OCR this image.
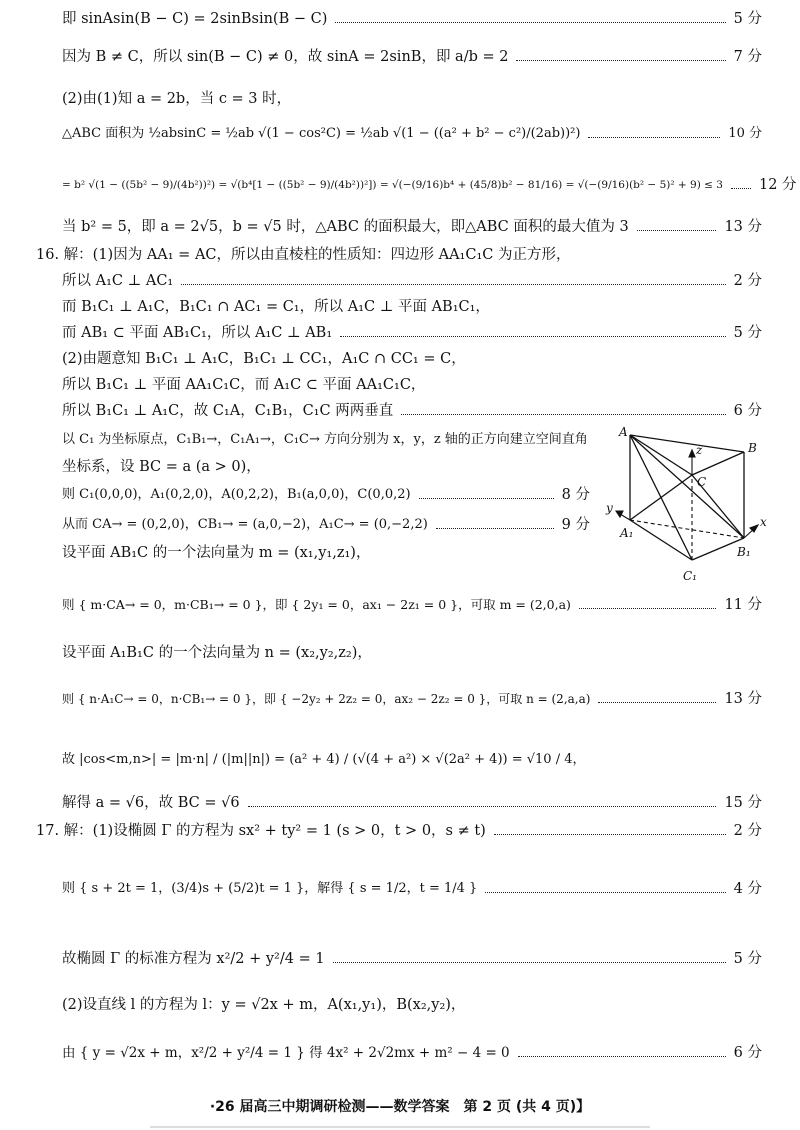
即 sinAsin(B − C) = 2sinBsin(B − C)	5 分
因为 B ≠ C，所以 sin(B − C) ≠ 0，故 sinA = 2sinB，即 a/b = 2	7 分
(2)由(1)知 a = 2b，当 c = 3 时，
△ABC 面积为 ½absinC = ½ab √(1 − cos²C) = ½ab √(1 − ((a² + b² − c²)/(2ab))²)	10 分
= b² √(1 − ((5b² − 9)/(4b²))²) = √(b⁴[1 − ((5b² − 9)/(4b²))²]) = √(−(9/16)b⁴ + (45/8)b² − 81/16) = √(−(9/16)(b² − 5)² + 9) ≤ 3 12 分
当 b² = 5，即 a = 2√5，b = √5 时，△ABC 的面积最大，即△ABC 面积的最大值为 3	13 分
16. 解：(1)因为 AA₁ = AC，所以由直棱柱的性质知：四边形 AA₁C₁C 为正方形，
所以 A₁C ⊥ AC₁	2 分
而 B₁C₁ ⊥ A₁C，B₁C₁ ∩ AC₁ = C₁，所以 A₁C ⊥ 平面 AB₁C₁，
而 AB₁ ⊂ 平面 AB₁C₁，所以 A₁C ⊥ AB₁	5 分
(2)由题意知 B₁C₁ ⊥ A₁C，B₁C₁ ⊥ CC₁，A₁C ∩ CC₁ = C，
所以 B₁C₁ ⊥ 平面 AA₁C₁C，而 A₁C ⊂ 平面 AA₁C₁C，
所以 B₁C₁ ⊥ A₁C，故 C₁A，C₁B₁，C₁C 两两垂直	6 分
以 C₁ 为坐标原点，C₁B₁→，C₁A₁→，C₁C→ 方向分别为 x，y，z 轴的正方向建立空间直角
坐标系，设 BC = a (a > 0)，
则 C₁(0,0,0)，A₁(0,2,0)，A(0,2,2)，B₁(a,0,0)，C(0,0,2)	8 分
从而 CA→ = (0,2,0)，CB₁→ = (a,0,−2)，A₁C→ = (0,−2,2)	9 分
设平面 AB₁C 的一个法向量为 m = (x₁,y₁,z₁)，
则 { m·CA→ = 0，m·CB₁→ = 0 }，即 { 2y₁ = 0，ax₁ − 2z₁ = 0 }，可取 m = (2,0,a)	11 分
设平面 A₁B₁C 的一个法向量为 n = (x₂,y₂,z₂)，
则 { n·A₁C→ = 0，n·CB₁→ = 0 }，即 { −2y₂ + 2z₂ = 0，ax₂ − 2z₂ = 0 }，可取 n = (2,a,a)	13 分
故 |cos<m,n>| = |m·n| / (|m||n|) = (a² + 4) / (√(4 + a²) × √(2a² + 4)) = √10 / 4，
解得 a = √6，故 BC = √6	15 分
17. 解：(1)设椭圆 Γ 的方程为 sx² + ty² = 1 (s > 0，t > 0，s ≠ t)	2 分
则 { s + 2t = 1，(3/4)s + (5/2)t = 1 }，解得 { s = 1/2，t = 1/4 }	4 分
故椭圆 Γ 的标准方程为 x²/2 + y²/4 = 1	5 分
(2)设直线 l 的方程为 l：y = √2x + m，A(x₁,y₁)，B(x₂,y₂)，
由 { y = √2x + m，x²/2 + y²/4 = 1 } 得 4x² + 2√2mx + m² − 4 = 0	6 分
A
B
C
A₁
B₁
C₁
z
x
y
·26 届高三中期调研检测——数学答案　第 2 页 (共 4 页)】
